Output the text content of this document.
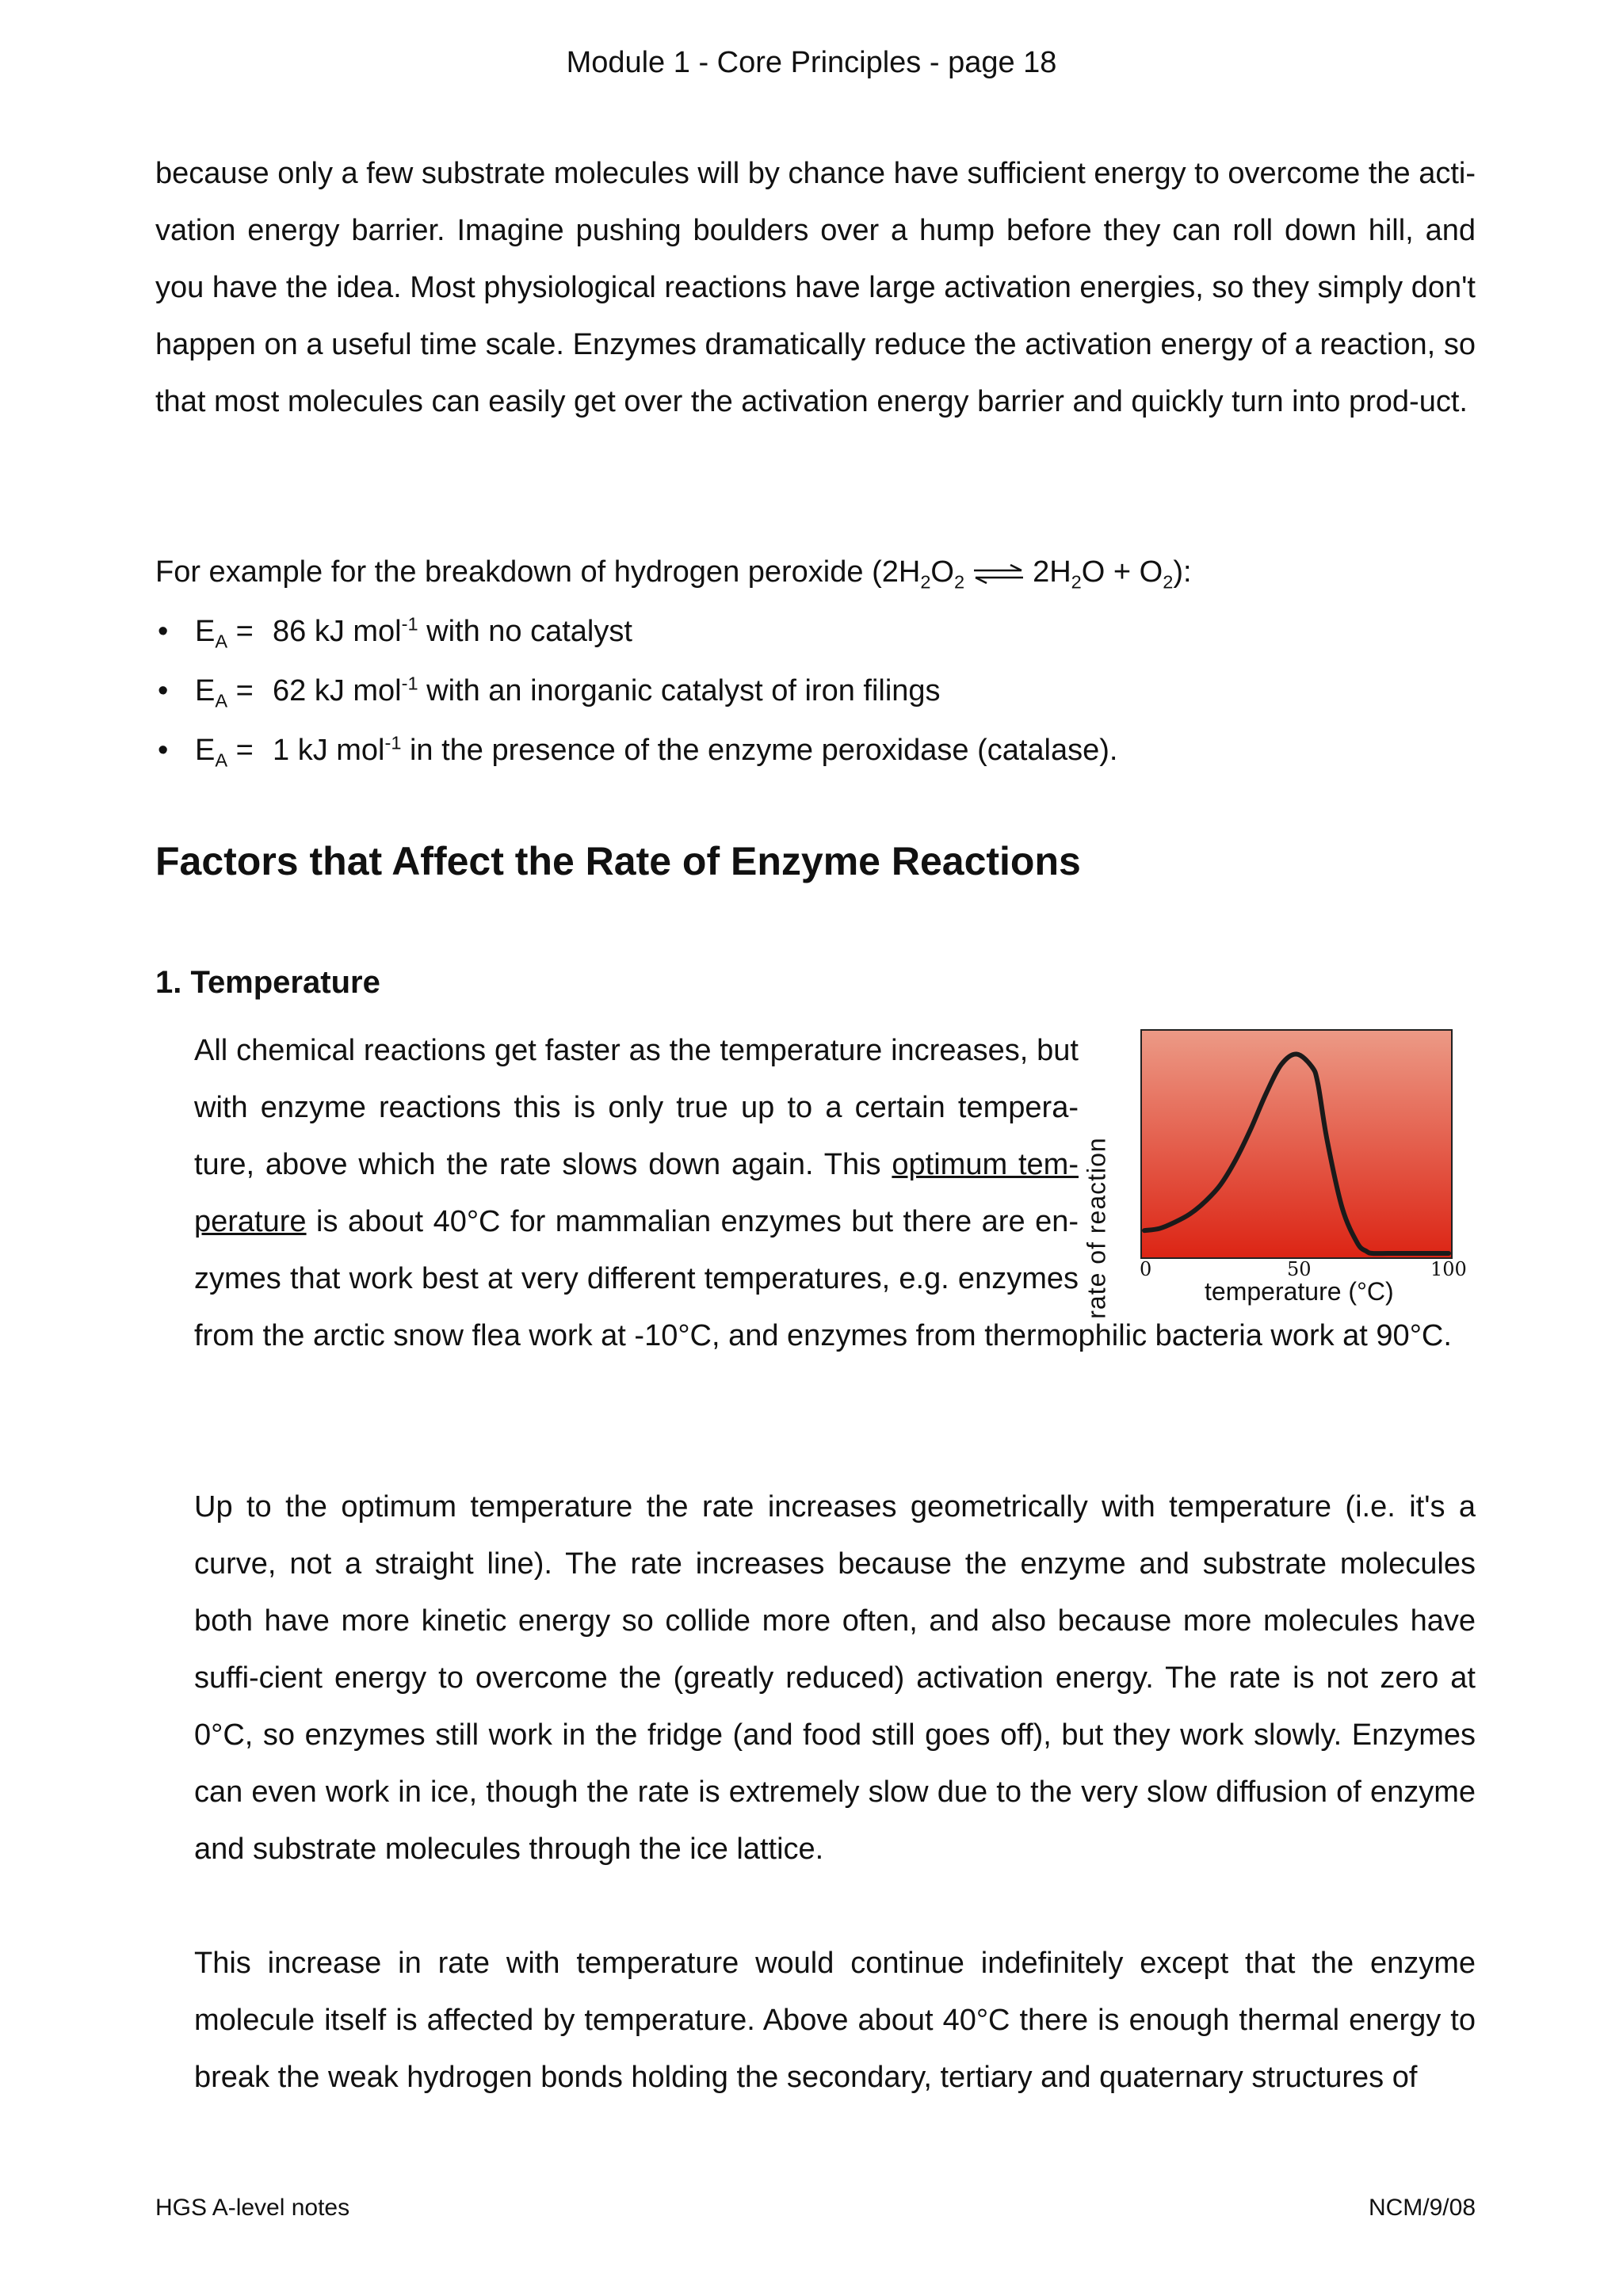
Module 1 - Core Principles - page 18
because only a few substrate molecules will by chance have sufficient energy to overcome the acti-vation energy barrier. Imagine pushing boulders over a hump before they can roll down hill, and you have the idea. Most physiological reactions have large activation energies, so they simply don't happen on a useful time scale. Enzymes dramatically reduce the activation energy of a reaction, so that most molecules can easily get over the activation energy barrier and quickly turn into prod-uct.
For example for the breakdown of hydrogen peroxide ($2H_2O_2$ ⇌ $2H_2O + O_2$):
• $E_A = 86$ kJ mol$^{-1}$ with no catalyst
• $E_A = 62$ kJ mol$^{-1}$ with an inorganic catalyst of iron filings
• $E_A = 1$ kJ mol$^{-1}$ in the presence of the enzyme peroxidase (catalase).
Factors that Affect the Rate of Enzyme Reactions
1. Temperature
All chemical reactions get faster as the temperature increases, but with enzyme reactions this is only true up to a certain tempera-ture, above which the rate slows down again. This optimum tem-perature is about 40°C for mammalian enzymes but there are en-zymes that work best at very different temperatures, e.g. enzymes
from the arctic snow flea work at -10°C, and enzymes from thermophilic bacteria work at 90°C.
rate of reaction 0	50	100
temperature (°C)
Up to the optimum temperature the rate increases geometrically with temperature (i.e. it's a curve, not a straight line). The rate increases because the enzyme and substrate molecules both have more kinetic energy so collide more often, and also because more molecules have suffi-cient energy to overcome the (greatly reduced) activation energy. The rate is not zero at 0°C, so enzymes still work in the fridge (and food still goes off), but they work slowly. Enzymes can even work in ice, though the rate is extremely slow due to the very slow diffusion of enzyme and substrate molecules through the ice lattice.
This increase in rate with temperature would continue indefinitely except that the enzyme molecule itself is affected by temperature. Above about 40°C there is enough thermal energy to break the weak hydrogen bonds holding the secondary, tertiary and quaternary structures of
HGS A-level notes	NCM/9/08
